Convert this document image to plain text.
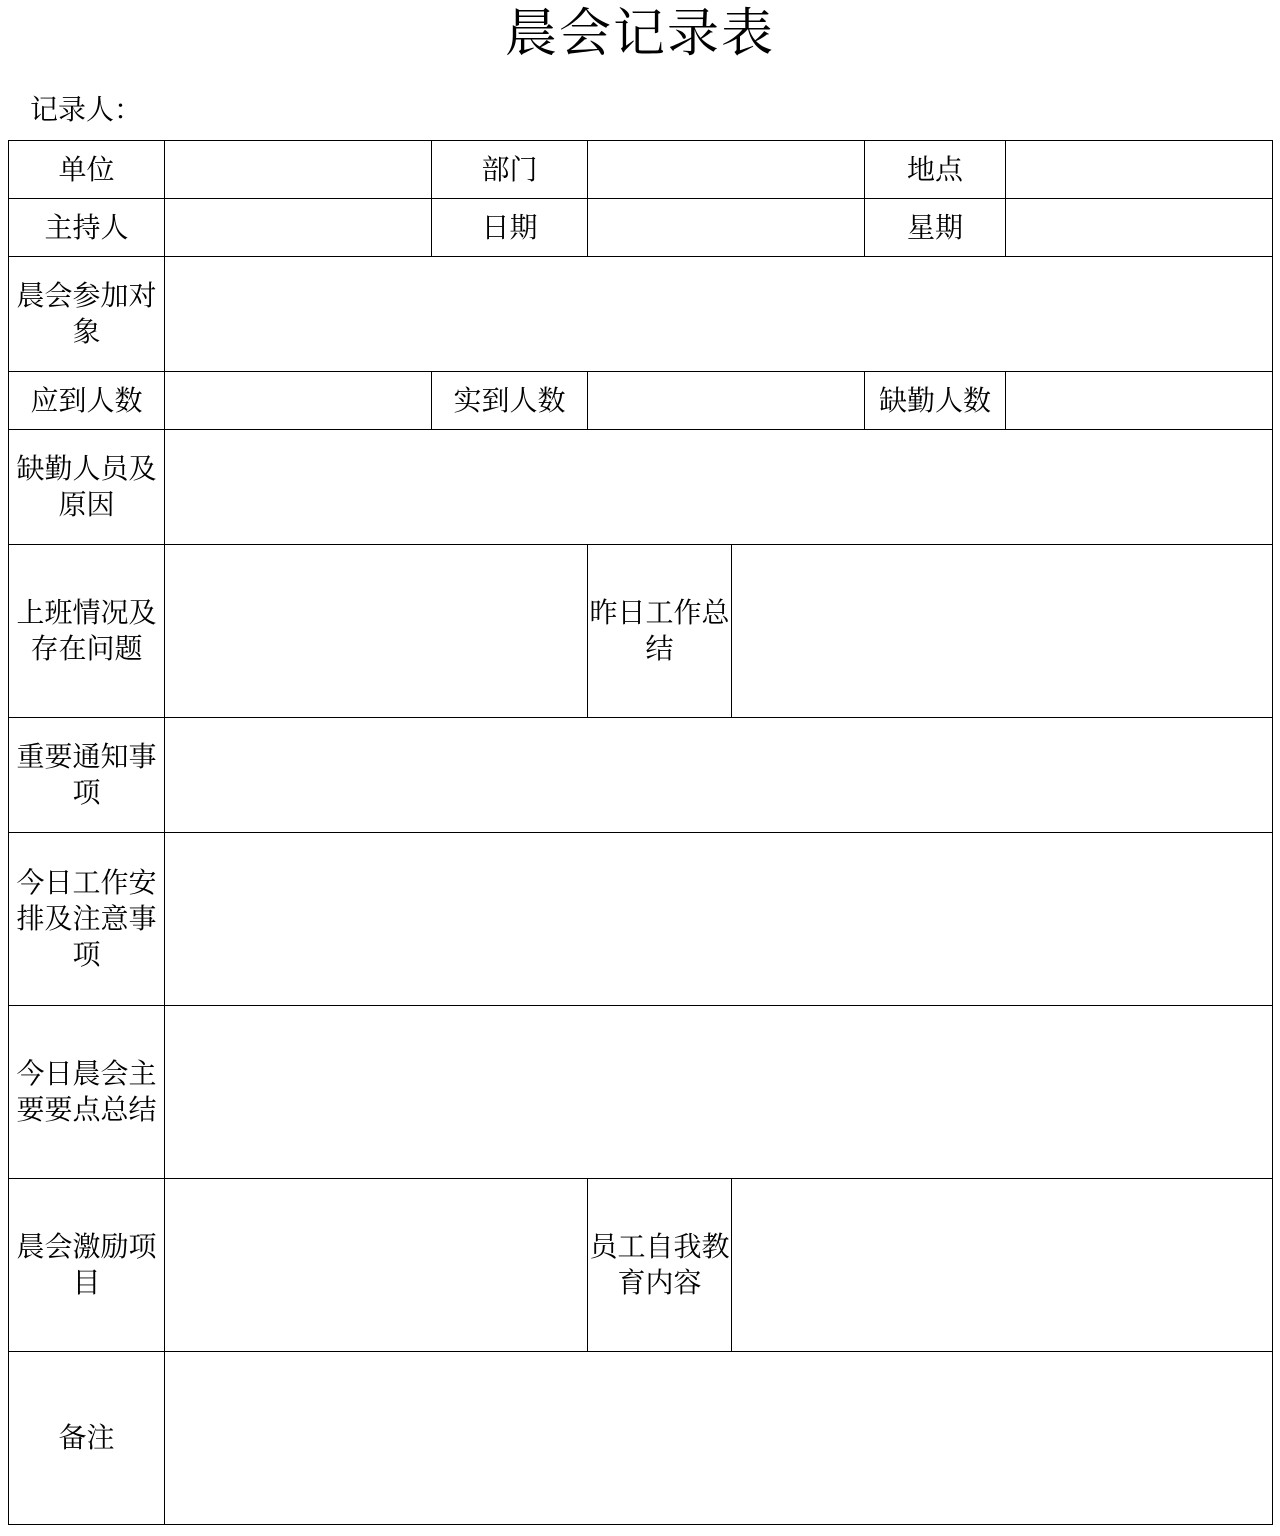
晨会记录表
记录人：
单位		部门			地点	
主持人		日期			星期	
晨会参加对象						
应到人数		实到人数			缺勤人数	
缺勤人员及原因						
上班情况及存在问题			昨日工作总结			
重要通知事项						
今日工作安排及注意事项						
今日晨会主要要点总结						
晨会激励项目			员工自我教育内容			
备注						
